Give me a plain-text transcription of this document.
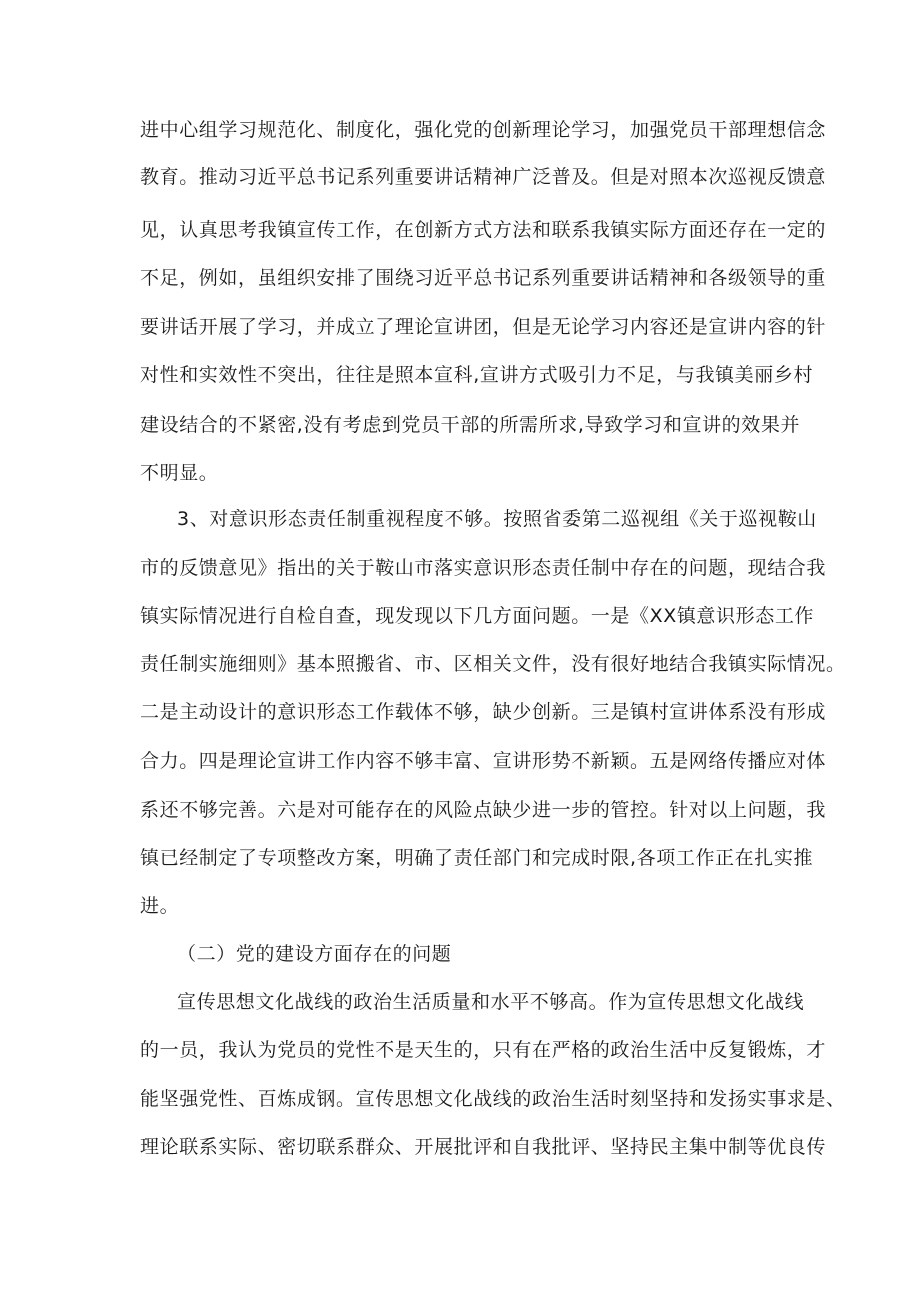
进中心组学习规范化、制度化，强化党的创新理论学习，加强党员干部理想信念
教育。推动习近平总书记系列重要讲话精神广泛普及。但是对照本次巡视反馈意
见，认真思考我镇宣传工作，在创新方式方法和联系我镇实际方面还存在一定的
不足，例如，虽组织安排了围绕习近平总书记系列重要讲话精神和各级领导的重
要讲话开展了学习，并成立了理论宣讲团，但是无论学习内容还是宣讲内容的针
对性和实效性不突出，往往是照本宣科,宣讲方式吸引力不足，与我镇美丽乡村
建设结合的不紧密,没有考虑到党员干部的所需所求,导致学习和宣讲的效果并
不明显。
3、对意识形态责任制重视程度不够。按照省委第二巡视组《关于巡视鞍山
市的反馈意见》指出的关于鞍山市落实意识形态责任制中存在的问题，现结合我
镇实际情况进行自检自查，现发现以下几方面问题。一是《XX镇意识形态工作
责任制实施细则》基本照搬省、市、区相关文件，没有很好地结合我镇实际情况。
二是主动设计的意识形态工作载体不够，缺少创新。三是镇村宣讲体系没有形成
合力。四是理论宣讲工作内容不够丰富、宣讲形势不新颖。五是网络传播应对体
系还不够完善。六是对可能存在的风险点缺少进一步的管控。针对以上问题，我
镇已经制定了专项整改方案，明确了责任部门和完成时限,各项工作正在扎实推
进。
（二）党的建设方面存在的问题
宣传思想文化战线的政治生活质量和水平不够高。作为宣传思想文化战线
的一员，我认为党员的党性不是天生的，只有在严格的政治生活中反复锻炼，才
能坚强党性、百炼成钢。宣传思想文化战线的政治生活时刻坚持和发扬实事求是、
理论联系实际、密切联系群众、开展批评和自我批评、坚持民主集中制等优良传
